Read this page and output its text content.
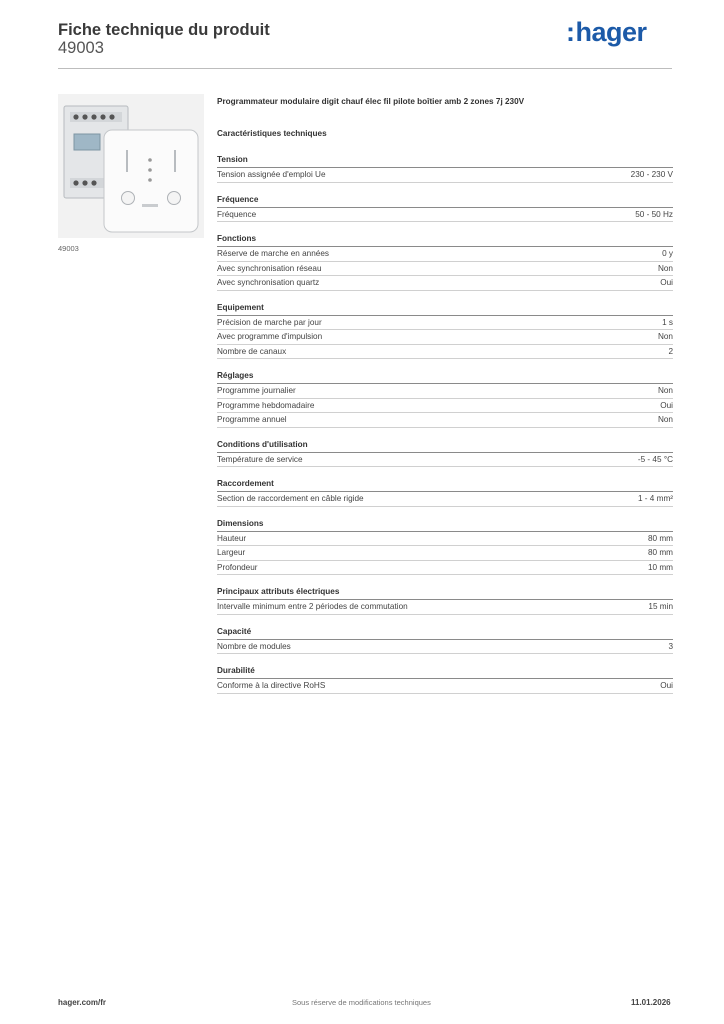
Fiche technique du produit
49003
:hager
49003
Programmateur modulaire digit chauf élec fil pilote boîtier amb 2 zones 7j 230V
Caractéristiques techniques
Tension
Tension assignée d'emploi Ue	230 - 230 V
Fréquence
Fréquence	50 - 50 Hz
Fonctions
Réserve de marche en années	0 y
Avec synchronisation réseau	Non
Avec synchronisation quartz	Oui
Equipement
Précision de marche par jour	1 s
Avec programme d'impulsion	Non
Nombre de canaux	2
Réglages
Programme journalier	Non
Programme hebdomadaire	Oui
Programme annuel	Non
Conditions d'utilisation
Température de service	-5 - 45 °C
Raccordement
Section de raccordement en câble rigide	1 - 4 mm²
Dimensions
Hauteur	80 mm
Largeur	80 mm
Profondeur	10 mm
Principaux attributs électriques
Intervalle minimum entre 2 périodes de commutation	15 min
Capacité
Nombre de modules	3
Durabilité
Conforme à la directive RoHS	Oui
hager.com/fr	Sous réserve de modifications techniques	11.01.2026
